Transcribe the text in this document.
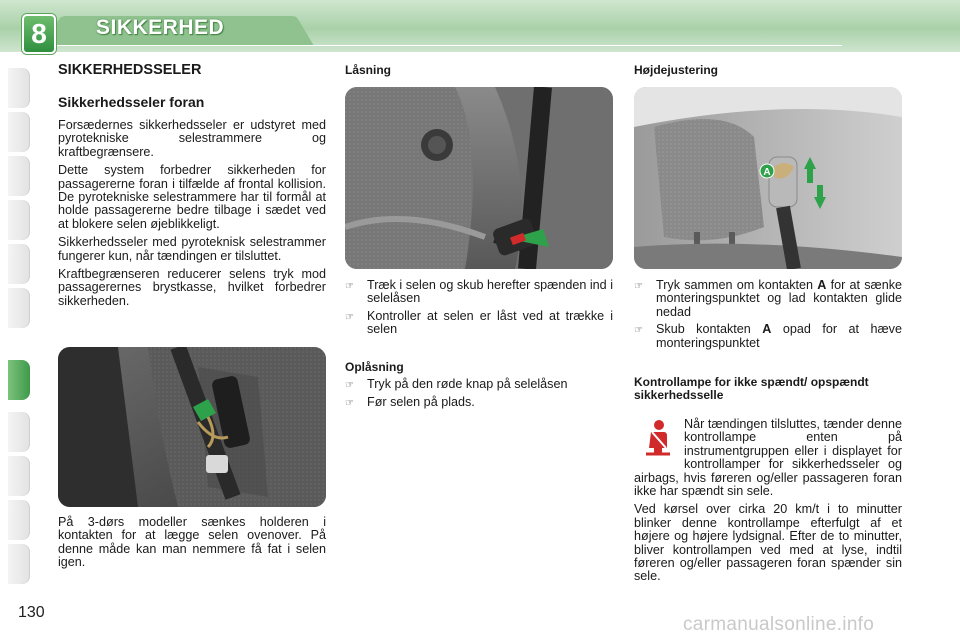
8	SIKKERHED
SIKKERHEDSSELER
Sikkerhedsseler foran

Forsædernes sikkerhedsseler er udstyret med pyrotekniske selestrammere og kraftbegrænsere.

Dette system forbedrer sikkerheden for passagererne foran i tilfælde af frontal kollision. De pyrotekniske selestrammere har til formål at holde passagererne bedre tilbage i sædet ved at blokere selen øjeblikkeligt.

Sikkerhedsseler med pyroteknisk selestrammer fungerer kun, når tændingen er tilsluttet.

Kraftbegrænseren reducerer selens tryk mod passagerernes brystkasse, hvilket forbedrer sikkerheden.

På 3-dørs modeller sænkes holderen i kontakten for at lægge selen ovenover. På denne måde kan man nemmere få fat i selen igen.
Låsning
☞	Træk i selen og skub herefter spænden ind i selelåsen
☞	Kontroller at selen er låst ved at trække i selen
Oplåsning
☞	Tryk på den røde knap på selelåsen
☞	Før selen på plads.
Højdejustering
A
☞	Tryk sammen om kontakten A for at sænke monteringspunktet og lad kontakten glide nedad
☞	Skub kontakten A opad for at hæve monteringspunktet
Kontrollampe for ikke spændt/ opspændt sikkerhedsselle

Når tændingen tilsluttes, tænder denne kontrollampe enten på instrumentgruppen eller i displayet for kontrollamper for sikkerhedsseler og airbags, hvis føreren og/eller passageren foran ikke har spændt sin sele.

Ved kørsel over cirka 20 km/t i to minutter blinker denne kontrollampe efterfulgt af et højere og højere lydsignal. Efter de to minutter, bliver kontrollampen ved med at lyse, indtil føreren og/eller passageren foran spænder sin sele.

130
carmanualsonline.info
